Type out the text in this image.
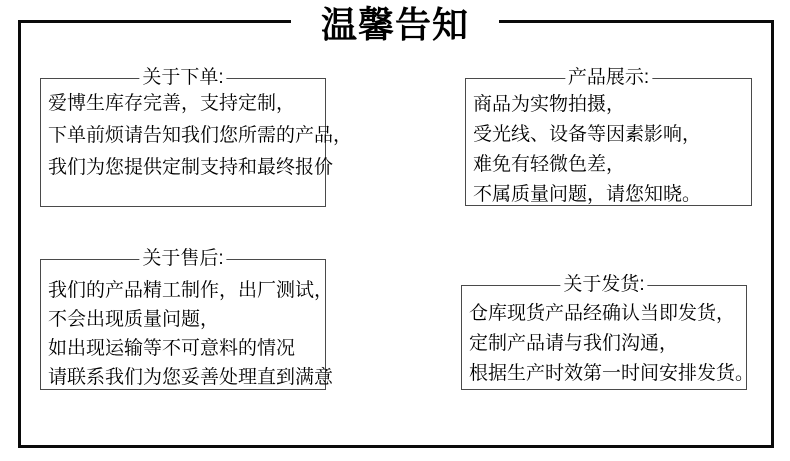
温馨告知
关于下单:
爱博生库存完善，支持定制，
下单前烦请告知我们您所需的产品，
我们为您提供定制支持和最终报价
产品展示:
商品为实物拍摄，
受光线、设备等因素影响，
难免有轻微色差，
不属质量问题，请您知晓。
关于售后:
我们的产品精工制作，出厂测试，
不会出现质量问题，
如出现运输等不可意料的情况
请联系我们为您妥善处理直到满意
关于发货:
仓库现货产品经确认当即发货，
定制产品请与我们沟通，
根据生产时效第一时间安排发货。
